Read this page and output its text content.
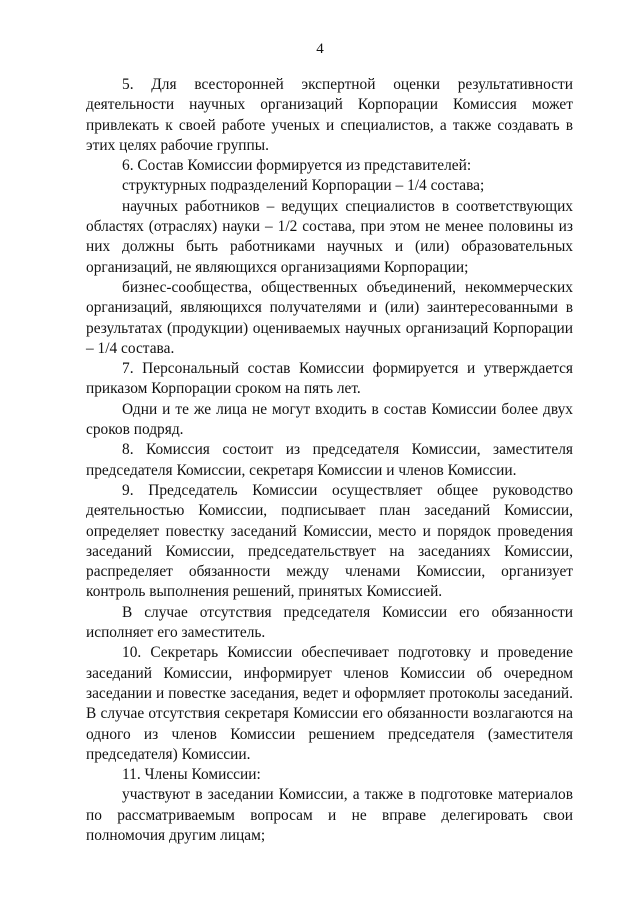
4

5. Для всесторонней экспертной оценки результативности деятельности научных организаций Корпорации Комиссия может привлекать к своей работе ученых и специалистов, а также создавать в этих целях рабочие группы.

6. Состав Комиссии формируется из представителей:

структурных подразделений Корпорации – 1/4 состава;

научных работников – ведущих специалистов в соответствующих областях (отраслях) науки – 1/2 состава, при этом не менее половины из них должны быть работниками научных и (или) образовательных организаций, не являющихся организациями Корпорации;

бизнес-сообщества, общественных объединений, некоммерческих организаций, являющихся получателями и (или) заинтересованными в результатах (продукции) оцениваемых научных организаций Корпорации – 1/4 состава.

7. Персональный состав Комиссии формируется и утверждается приказом Корпорации сроком на пять лет.

Одни и те же лица не могут входить в состав Комиссии более двух сроков подряд.

8. Комиссия состоит из председателя Комиссии, заместителя председателя Комиссии, секретаря Комиссии и членов Комиссии.

9. Председатель Комиссии осуществляет общее руководство деятельностью Комиссии, подписывает план заседаний Комиссии, определяет повестку заседаний Комиссии, место и порядок проведения заседаний Комиссии, председательствует на заседаниях Комиссии, распределяет обязанности между членами Комиссии, организует контроль выполнения решений, принятых Комиссией.

В случае отсутствия председателя Комиссии его обязанности исполняет его заместитель.

10. Секретарь Комиссии обеспечивает подготовку и проведение заседаний Комиссии, информирует членов Комиссии об очередном заседании и повестке заседания, ведет и оформляет протоколы заседаний. В случае отсутствия секретаря Комиссии его обязанности возлагаются на одного из членов Комиссии решением председателя (заместителя председателя) Комиссии.

11. Члены Комиссии:

участвуют в заседании Комиссии, а также в подготовке материалов по рассматриваемым вопросам и не вправе делегировать свои полномочия другим лицам;
